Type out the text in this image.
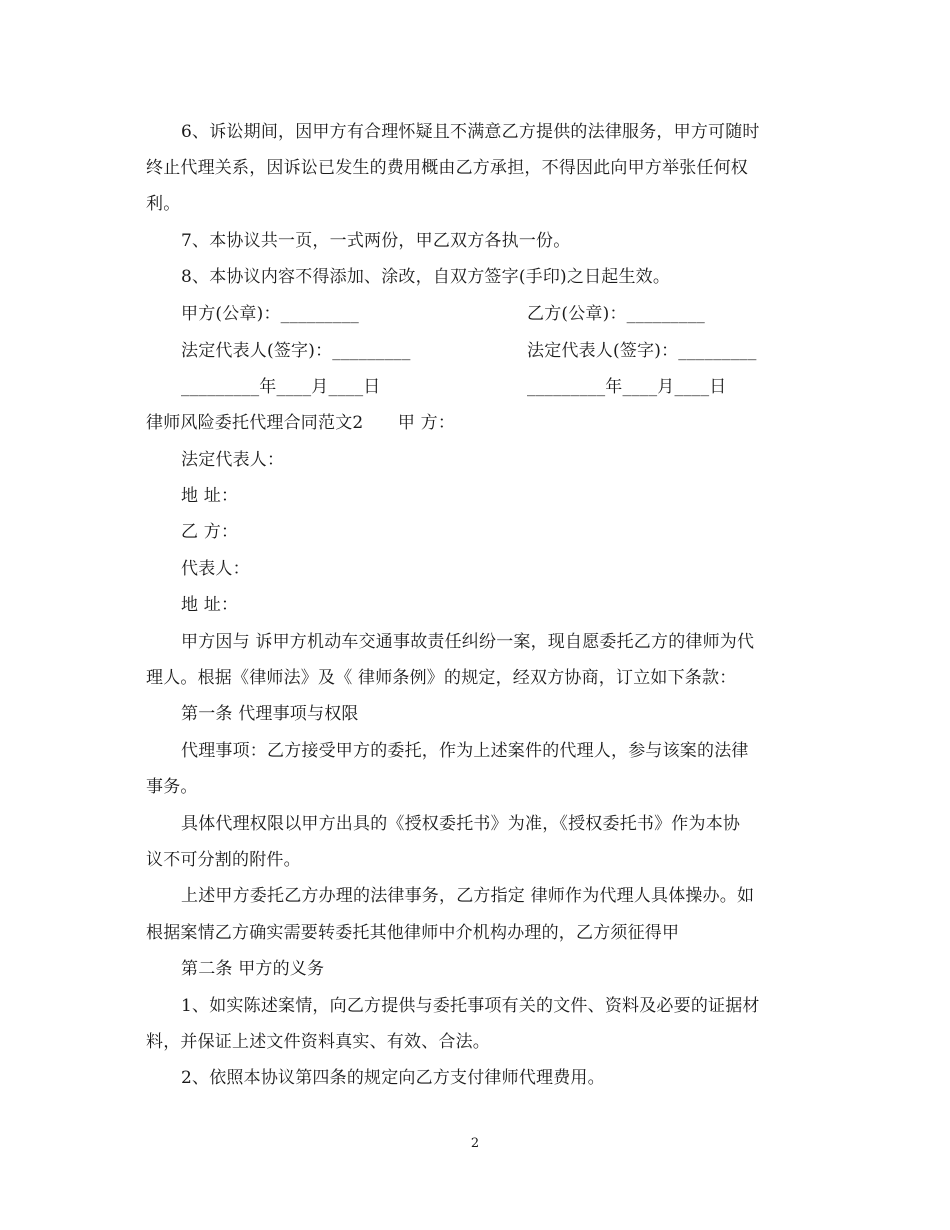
6、诉讼期间，因甲方有合理怀疑且不满意乙方提供的法律服务，甲方可随时
终止代理关系，因诉讼已发生的费用概由乙方承担，不得因此向甲方举张任何权
利。
7、本协议共一页，一式两份，甲乙双方各执一份。
8、本协议内容不得添加、涂改，自双方签字(手印)之日起生效。
甲方(公章)：_________	乙方(公章)：_________
法定代表人(签字)：_________	法定代表人(签字)：_________
_________年____月____日	_________年____月____日
律师风险委托代理合同范文2　　甲 方：
法定代表人：
地 址：
乙 方：
代表人：
地 址：
甲方因与 诉甲方机动车交通事故责任纠纷一案，现自愿委托乙方的律师为代
理人。根据《律师法》及《 律师条例》的规定，经双方协商，订立如下条款：
第一条 代理事项与权限
代理事项：乙方接受甲方的委托，作为上述案件的代理人，参与该案的法律
事务。
具体代理权限以甲方出具的《授权委托书》为准，《授权委托书》作为本协
议不可分割的附件。
上述甲方委托乙方办理的法律事务，乙方指定 律师作为代理人具体操办。如
根据案情乙方确实需要转委托其他律师中介机构办理的，乙方须征得甲
第二条 甲方的义务
1、如实陈述案情，向乙方提供与委托事项有关的文件、资料及必要的证据材
料，并保证上述文件资料真实、有效、合法。
2、依照本协议第四条的规定向乙方支付律师代理费用。
2
